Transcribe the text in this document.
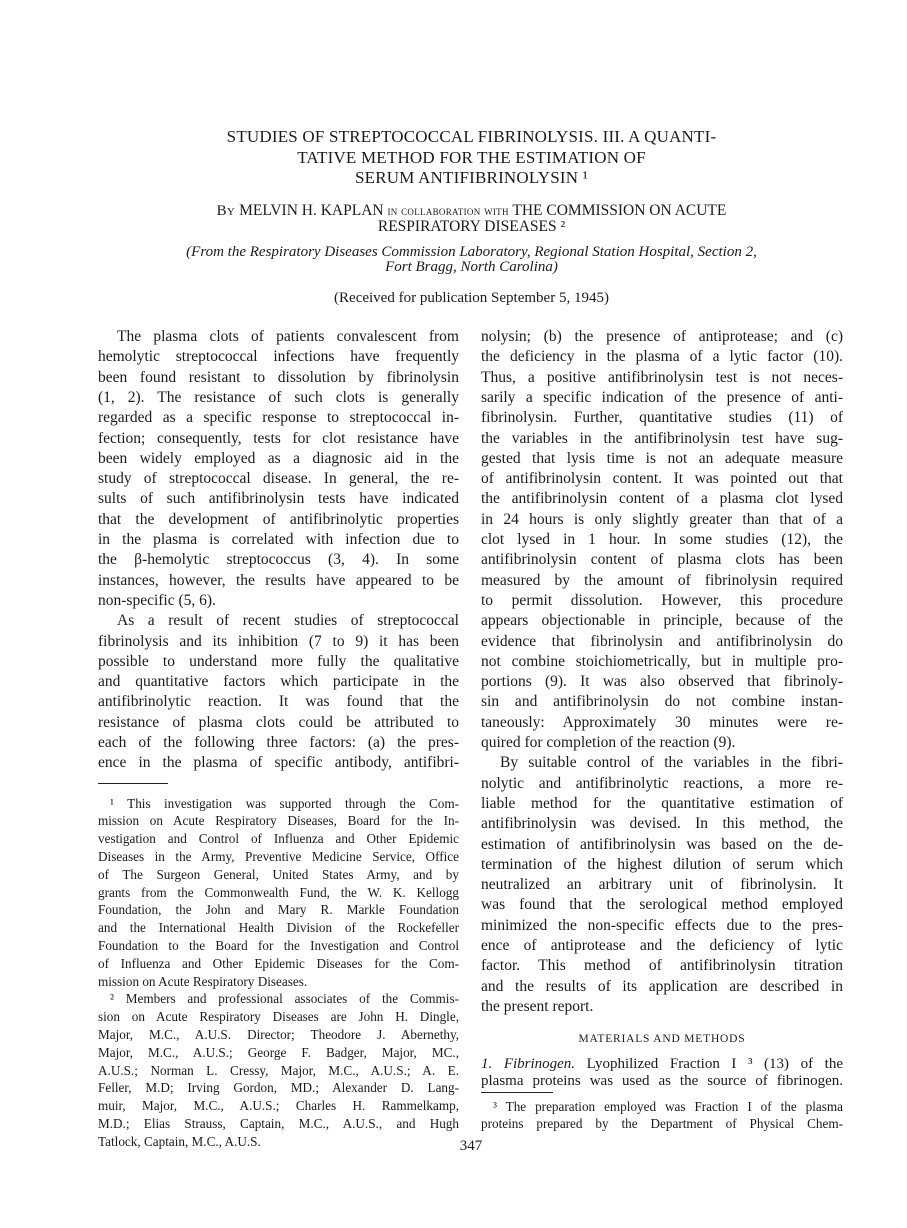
STUDIES OF STREPTOCOCCAL FIBRINOLYSIS. III. A QUANTI-
TATIVE METHOD FOR THE ESTIMATION OF
SERUM ANTIFIBRINOLYSIN ¹
By MELVIN H. KAPLAN in collaboration with THE COMMISSION ON ACUTE
RESPIRATORY DISEASES ²
(From the Respiratory Diseases Commission Laboratory, Regional Station Hospital, Section 2,
Fort Bragg, North Carolina)
(Received for publication September 5, 1945)
The plasma clots of patients convalescent from
hemolytic streptococcal infections have frequently
been found resistant to dissolution by fibrinolysin
(1, 2). The resistance of such clots is generally
regarded as a specific response to streptococcal in-
fection; consequently, tests for clot resistance have
been widely employed as a diagnosic aid in the
study of streptococcal disease. In general, the re-
sults of such antifibrinolysin tests have indicated
that the development of antifibrinolytic properties
in the plasma is correlated with infection due to
the β-hemolytic streptococcus (3, 4). In some
instances, however, the results have appeared to be
non-specific (5, 6).
As a result of recent studies of streptococcal
fibrinolysis and its inhibition (7 to 9) it has been
possible to understand more fully the qualitative
and quantitative factors which participate in the
antifibrinolytic reaction. It was found that the
resistance of plasma clots could be attributed to
each of the following three factors: (a) the pres-
ence in the plasma of specific antibody, antifibri-
nolysin; (b) the presence of antiprotease; and (c)
the deficiency in the plasma of a lytic factor (10).
Thus, a positive antifibrinolysin test is not neces-
sarily a specific indication of the presence of anti-
fibrinolysin. Further, quantitative studies (11) of
the variables in the antifibrinolysin test have sug-
gested that lysis time is not an adequate measure
of antifibrinolysin content. It was pointed out that
the antifibrinolysin content of a plasma clot lysed
in 24 hours is only slightly greater than that of a
clot lysed in 1 hour. In some studies (12), the
antifibrinolysin content of plasma clots has been
measured by the amount of fibrinolysin required
to permit dissolution. However, this procedure
appears objectionable in principle, because of the
evidence that fibrinolysin and antifibrinolysin do
not combine stoichiometrically, but in multiple pro-
portions (9). It was also observed that fibrinoly-
sin and antifibrinolysin do not combine instan-
taneously: Approximately 30 minutes were re-
quired for completion of the reaction (9).
By suitable control of the variables in the fibri-
nolytic and antifibrinolytic reactions, a more re-
liable method for the quantitative estimation of
antifibrinolysin was devised. In this method, the
estimation of antifibrinolysin was based on the de-
termination of the highest dilution of serum which
neutralized an arbitrary unit of fibrinolysin. It
was found that the serological method employed
minimized the non-specific effects due to the pres-
ence of antiprotease and the deficiency of lytic
factor. This method of antifibrinolysin titration
and the results of its application are described in
the present report.
¹ This investigation was supported through the Com-
mission on Acute Respiratory Diseases, Board for the In-
vestigation and Control of Influenza and Other Epidemic
Diseases in the Army, Preventive Medicine Service, Office
of The Surgeon General, United States Army, and by
grants from the Commonwealth Fund, the W. K. Kellogg
Foundation, the John and Mary R. Markle Foundation
and the International Health Division of the Rockefeller
Foundation to the Board for the Investigation and Control
of Influenza and Other Epidemic Diseases for the Com-
mission on Acute Respiratory Diseases.
² Members and professional associates of the Commis-
sion on Acute Respiratory Diseases are John H. Dingle,
Major, M.C., A.U.S. Director; Theodore J. Abernethy,
Major, M.C., A.U.S.; George F. Badger, Major, MC.,
A.U.S.; Norman L. Cressy, Major, M.C., A.U.S.; A. E.
Feller, M.D; Irving Gordon, MD.; Alexander D. Lang-
muir, Major, M.C., A.U.S.; Charles H. Rammelkamp,
M.D.; Elias Strauss, Captain, M.C., A.U.S., and Hugh
Tatlock, Captain, M.C., A.U.S.
MATERIALS AND METHODS
1. Fibrinogen. Lyophilized Fraction I ³ (13) of the
plasma proteins was used as the source of fibrinogen.
³ The preparation employed was Fraction I of the plasma
proteins prepared by the Department of Physical Chem-
347
